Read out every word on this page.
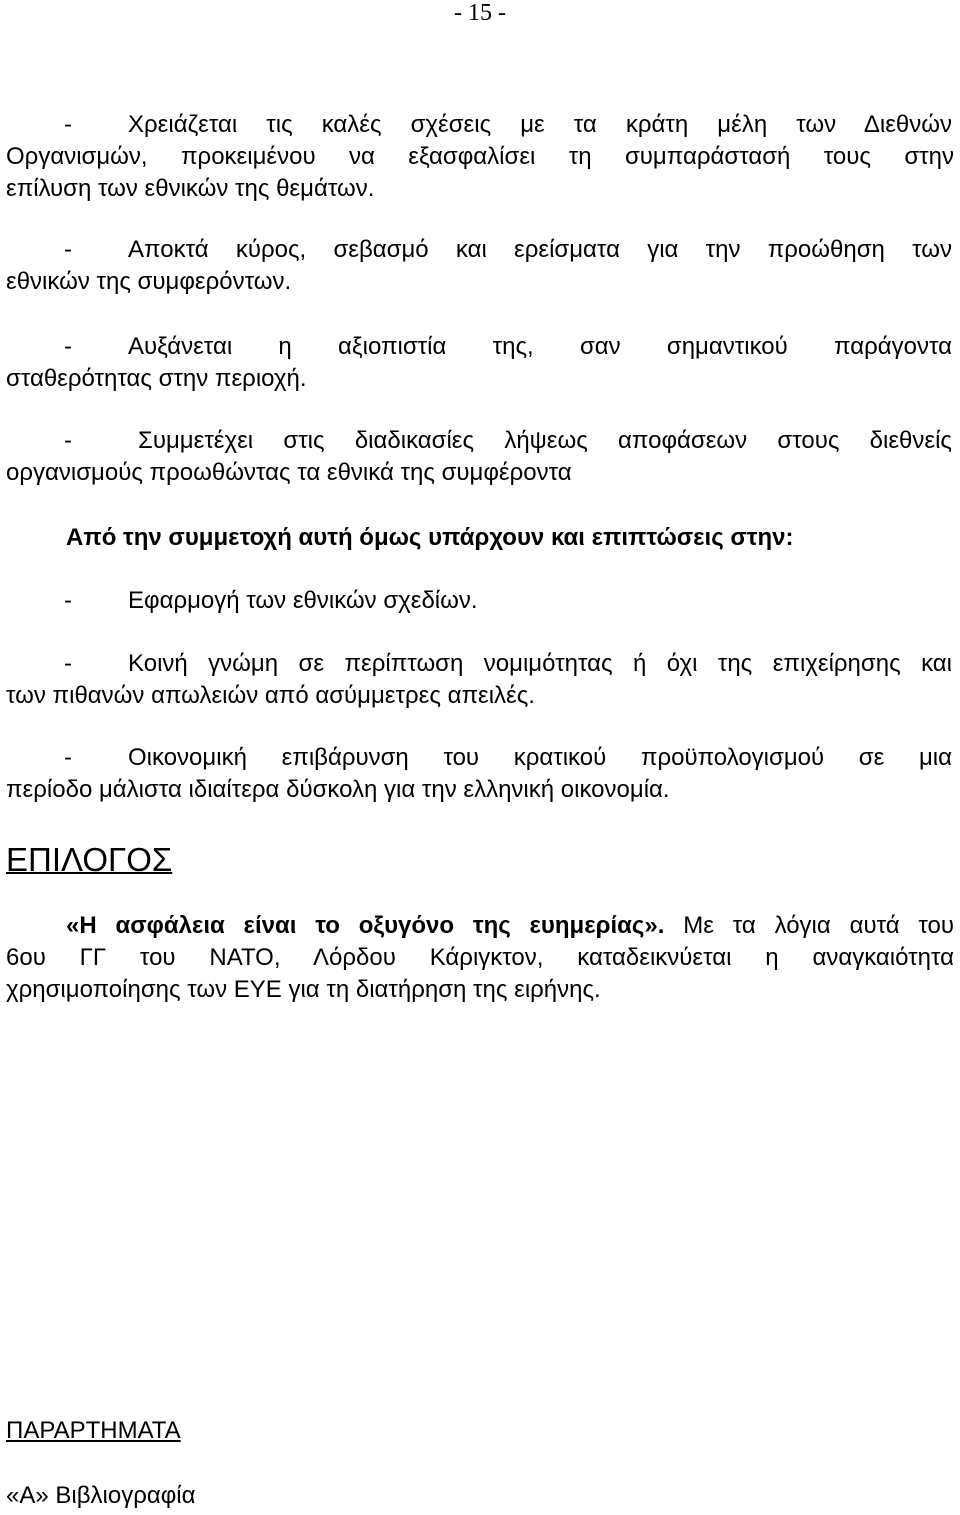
- 15 -
- Χρειάζεται τις καλές σχέσεις με τα κράτη μέλη των Διεθνών
Οργανισμών, προκειμένου να εξασφαλίσει τη συμπαράστασή τους στην
επίλυση των εθνικών της θεμάτων.
- Αποκτά κύρος, σεβασμό και ερείσματα για την προώθηση των
εθνικών της συμφερόντων.
- Αυξάνεται η αξιοπιστία της, σαν σημαντικού παράγοντα
σταθερότητας στην περιοχή.
-	Συμμετέχει στις διαδικασίες λήψεως αποφάσεων στους διεθνείς
οργανισμούς προωθώντας τα εθνικά της συμφέροντα
Από την συμμετοχή αυτή όμως υπάρχουν και επιπτώσεις στην:
- Εφαρμογή των εθνικών σχεδίων.
- Κοινή γνώμη σε περίπτωση νομιμότητας ή όχι της επιχείρησης και
των πιθανών απωλειών από ασύμμετρες απειλές.
- Οικονομική επιβάρυνση του κρατικού προϋπολογισμού σε μια
περίοδο μάλιστα ιδιαίτερα δύσκολη για την ελληνική οικονομία.
ΕΠΙΛΟΓΟΣ
«Η ασφάλεια είναι το οξυγόνο της ευημερίας». Με τα λόγια αυτά του
6ου ΓΓ του ΝΑΤΟ, Λόρδου Κάριγκτον, καταδεικνύεται η αναγκαιότητα
χρησιμοποίησης των ΕΥΕ για τη διατήρηση της ειρήνης.
ΠΑΡΑΡΤΗΜΑΤΑ
«Α» Βιβλιογραφία
